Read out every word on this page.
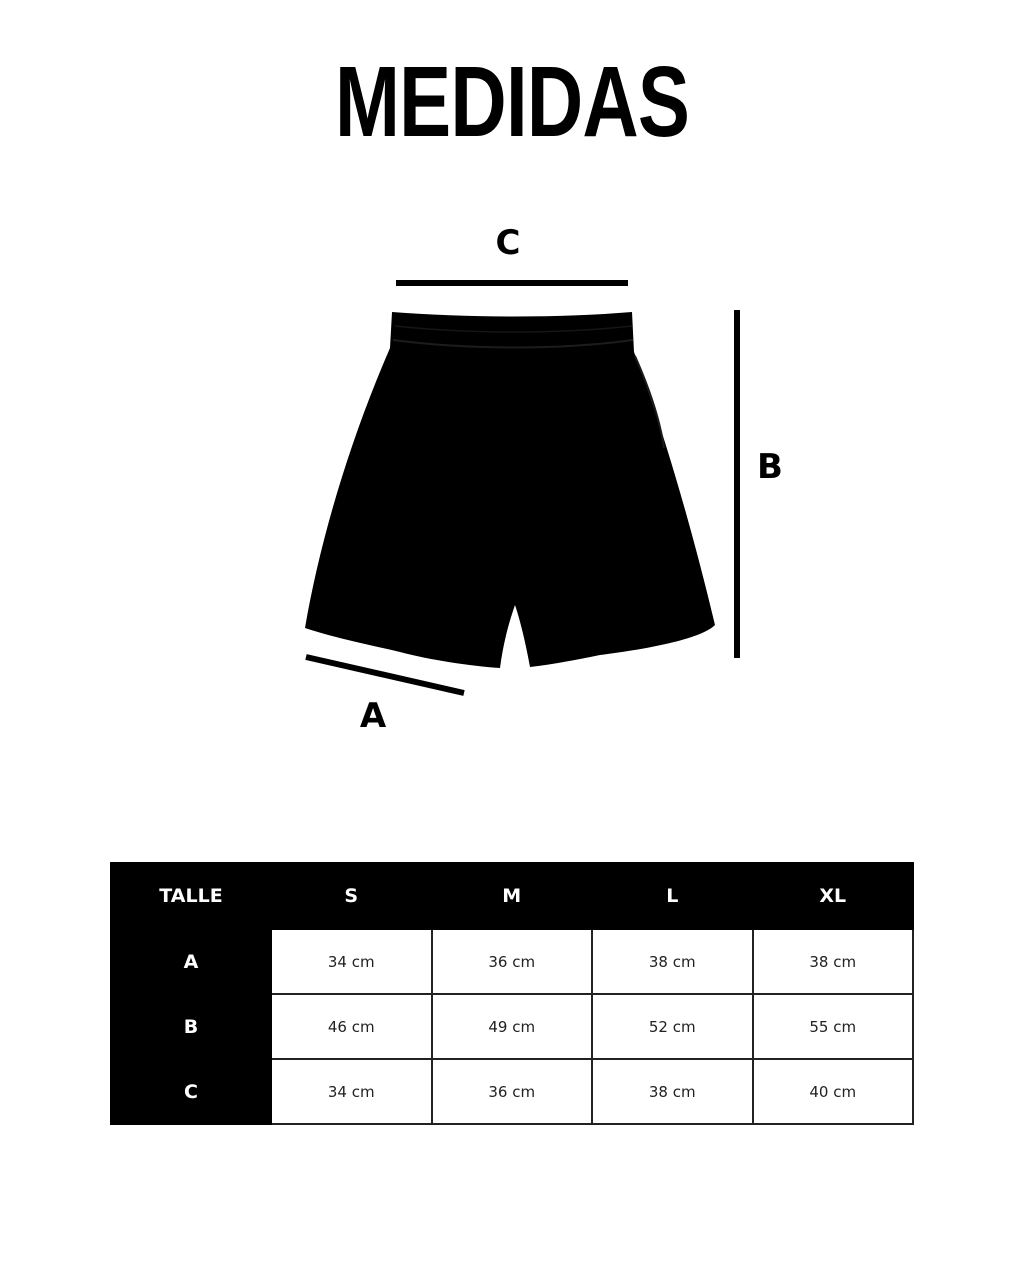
MEDIDAS
C
B
A
TALLE	S	M	L	XL
A	34 cm	36 cm	38 cm	38 cm
B	46 cm	49 cm	52 cm	55 cm
C	34 cm	36 cm	38 cm	40 cm
